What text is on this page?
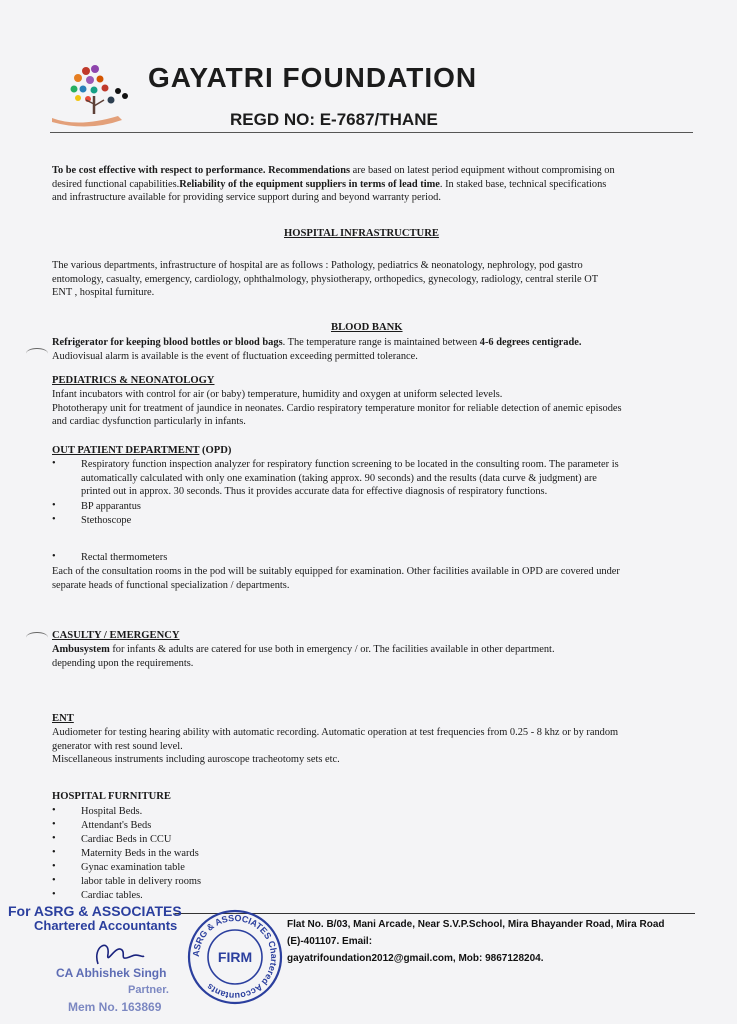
GAYATRI FOUNDATION
REGD NO: E-7687/THANE
To be cost effective with respect to performance. Recommendations are based on latest period equipment without compromising on
desired functional capabilities.Reliability of the equipment suppliers in terms of lead time. In staked base, technical specifications
and infrastructure available for providing service support during and beyond warranty period.
HOSPITAL INFRASTRUCTURE
The various departments, infrastructure of hospital are as follows : Pathology, pediatrics & neonatology, nephrology, pod gastro
entomology, casualty, emergency, cardiology, ophthalmology, physiotherapy, orthopedics, gynecology, radiology, central sterile OT
ENT , hospital furniture.
BLOOD BANK
Refrigerator for keeping blood bottles or blood bags. The temperature range is maintained between 4-6 degrees centigrade.
Audiovisual alarm is available is the event of fluctuation exceeding permitted tolerance.
PEDIATRICS & NEONATOLOGY
Infant incubators with control for air (or baby) temperature, humidity and oxygen at uniform selected levels.
Phototherapy unit for treatment of jaundice in neonates. Cardio respiratory temperature monitor for reliable detection of anemic episodes
and cardiac dysfunction particularly in infants.
OUT PATIENT DEPARTMENT (OPD)
• Respiratory function inspection analyzer for respiratory function screening to be located in the consulting room. The parameter is
automatically calculated with only one examination (taking approx. 90 seconds) and the results (data curve & judgment) are
printed out in approx. 30 seconds. Thus it provides accurate data for effective diagnosis of respiratory functions.
• BP apparantus
• Stethoscope
• Rectal thermometers
Each of the consultation rooms in the pod will be suitably equipped for examination. Other facilities available in OPD are covered under
separate heads of functional specialization / departments.
CASULTY / EMERGENCY
Ambusystem for infants & adults are catered for use both in emergency / or. The facilities available in other department.
depending upon the requirements.
ENT
Audiometer for testing hearing ability with automatic recording. Automatic operation at test frequencies from 0.25 - 8 khz or by random
generator with rest sound level.
Miscellaneous instruments including auroscope tracheotomy sets etc.
HOSPITAL FURNITURE
• Hospital Beds.
• Attendant's Beds
• Cardiac Beds in CCU
• Maternity Beds in the wards
• Gynac examination table
• labor table in delivery rooms
• Cardiac tables.
Flat No. B/03, Mani Arcade, Near S.V.P.School, Mira Bhayander Road, Mira Road (E)-401107. Email:
gayatrifoundation2012@gmail.com, Mob: 9867128204.
For ASRG & ASSOCIATES
Chartered Accountants
CA Abhishek Singh
Partner.
Mem No. 163869
ASRG & ASSOCIATES Chartered Accountants
FIRM
